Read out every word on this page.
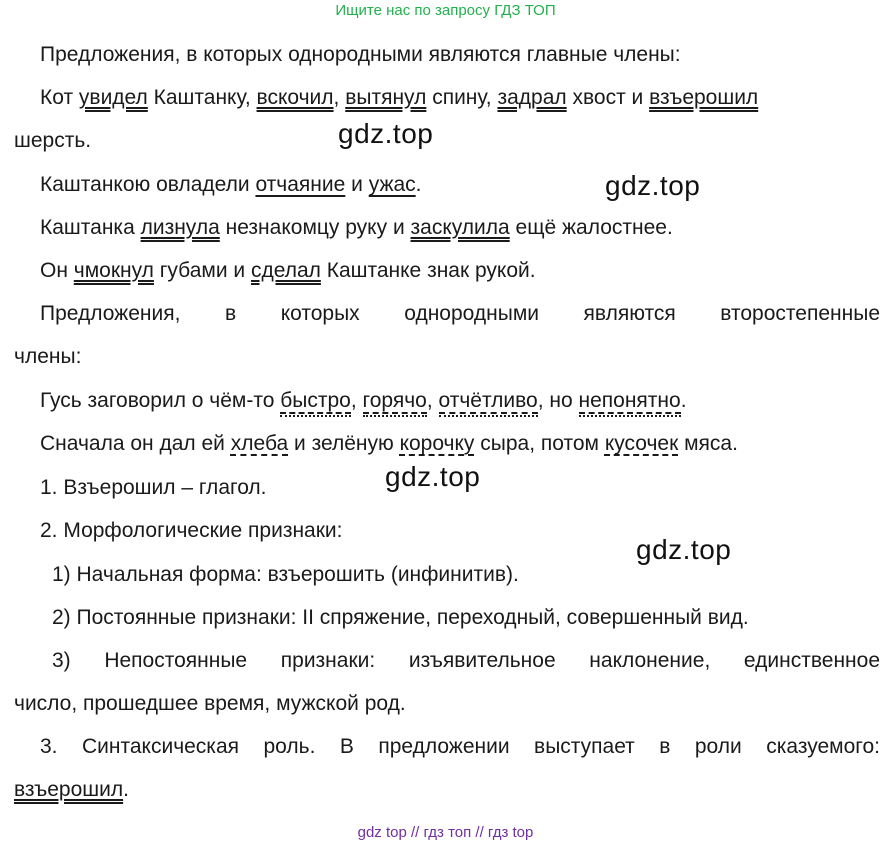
Ищите нас по запросу ГДЗ ТОП
Предложения, в которых однородными являются главные члены:
Кот увидел Каштанку, вскочил, вытянул спину, задрал хвост и взъерошил
шерсть.
Каштанкою овладели отчаяние и ужас.
Каштанка лизнула незнакомцу руку и заскулила ещё жалостнее.
Он чмокнул губами и сделал Каштанке знак рукой.
Предложения, в которых однородными являются второстепенные
члены:
Гусь заговорил о чём-то быстро, горячо, отчётливо, но непонятно.
Сначала он дал ей хлеба и зелёную корочку сыра, потом кусочек мяса.
1. Взъерошил – глагол.
2. Морфологические признаки:
1) Начальная форма: взъерошить (инфинитив).
2) Постоянные признаки: II спряжение, переходный, совершенный вид.
3) Непостоянные признаки: изъявительное наклонение, единственное
число, прошедшее время, мужской род.
3. Синтаксическая роль. В предложении выступает в роли сказуемого:
взъерошил.
gdz.top
gdz.top
gdz.top
gdz.top
gdz top // гдз топ // гдз top
